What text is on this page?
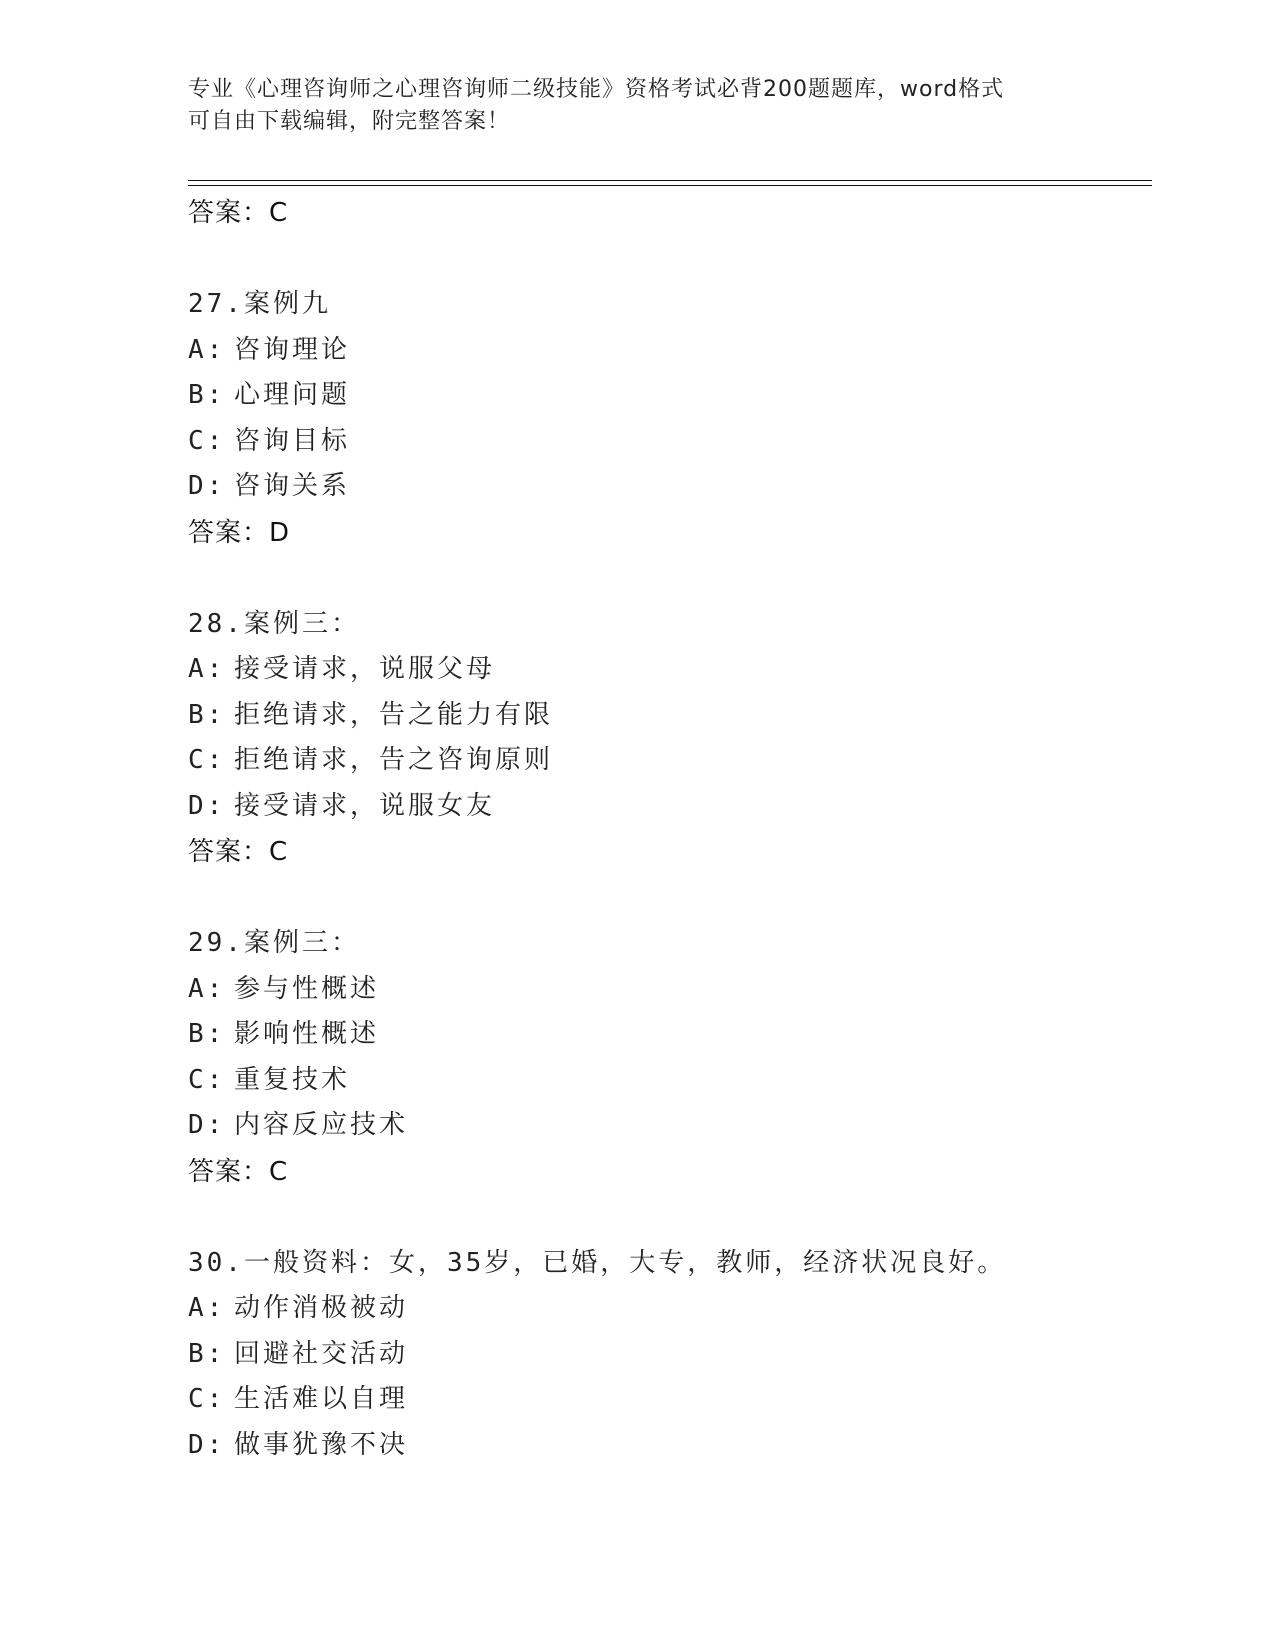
专业《心理咨询师之心理咨询师二级技能》资格考试必背200题题库，word格式
可自由下载编辑，附完整答案！
答案：C
27.案例九
A: 咨询理论
B: 心理问题
C: 咨询目标
D: 咨询关系
答案：D
28.案例三：
A: 接受请求，说服父母
B: 拒绝请求，告之能力有限
C: 拒绝请求，告之咨询原则
D: 接受请求，说服女友
答案：C
29.案例三：
A: 参与性概述
B: 影响性概述
C: 重复技术
D: 内容反应技术
答案：C
30.一般资料：女，35岁，已婚，大专，教师，经济状况良好。
A: 动作消极被动
B: 回避社交活动
C: 生活难以自理
D: 做事犹豫不决
